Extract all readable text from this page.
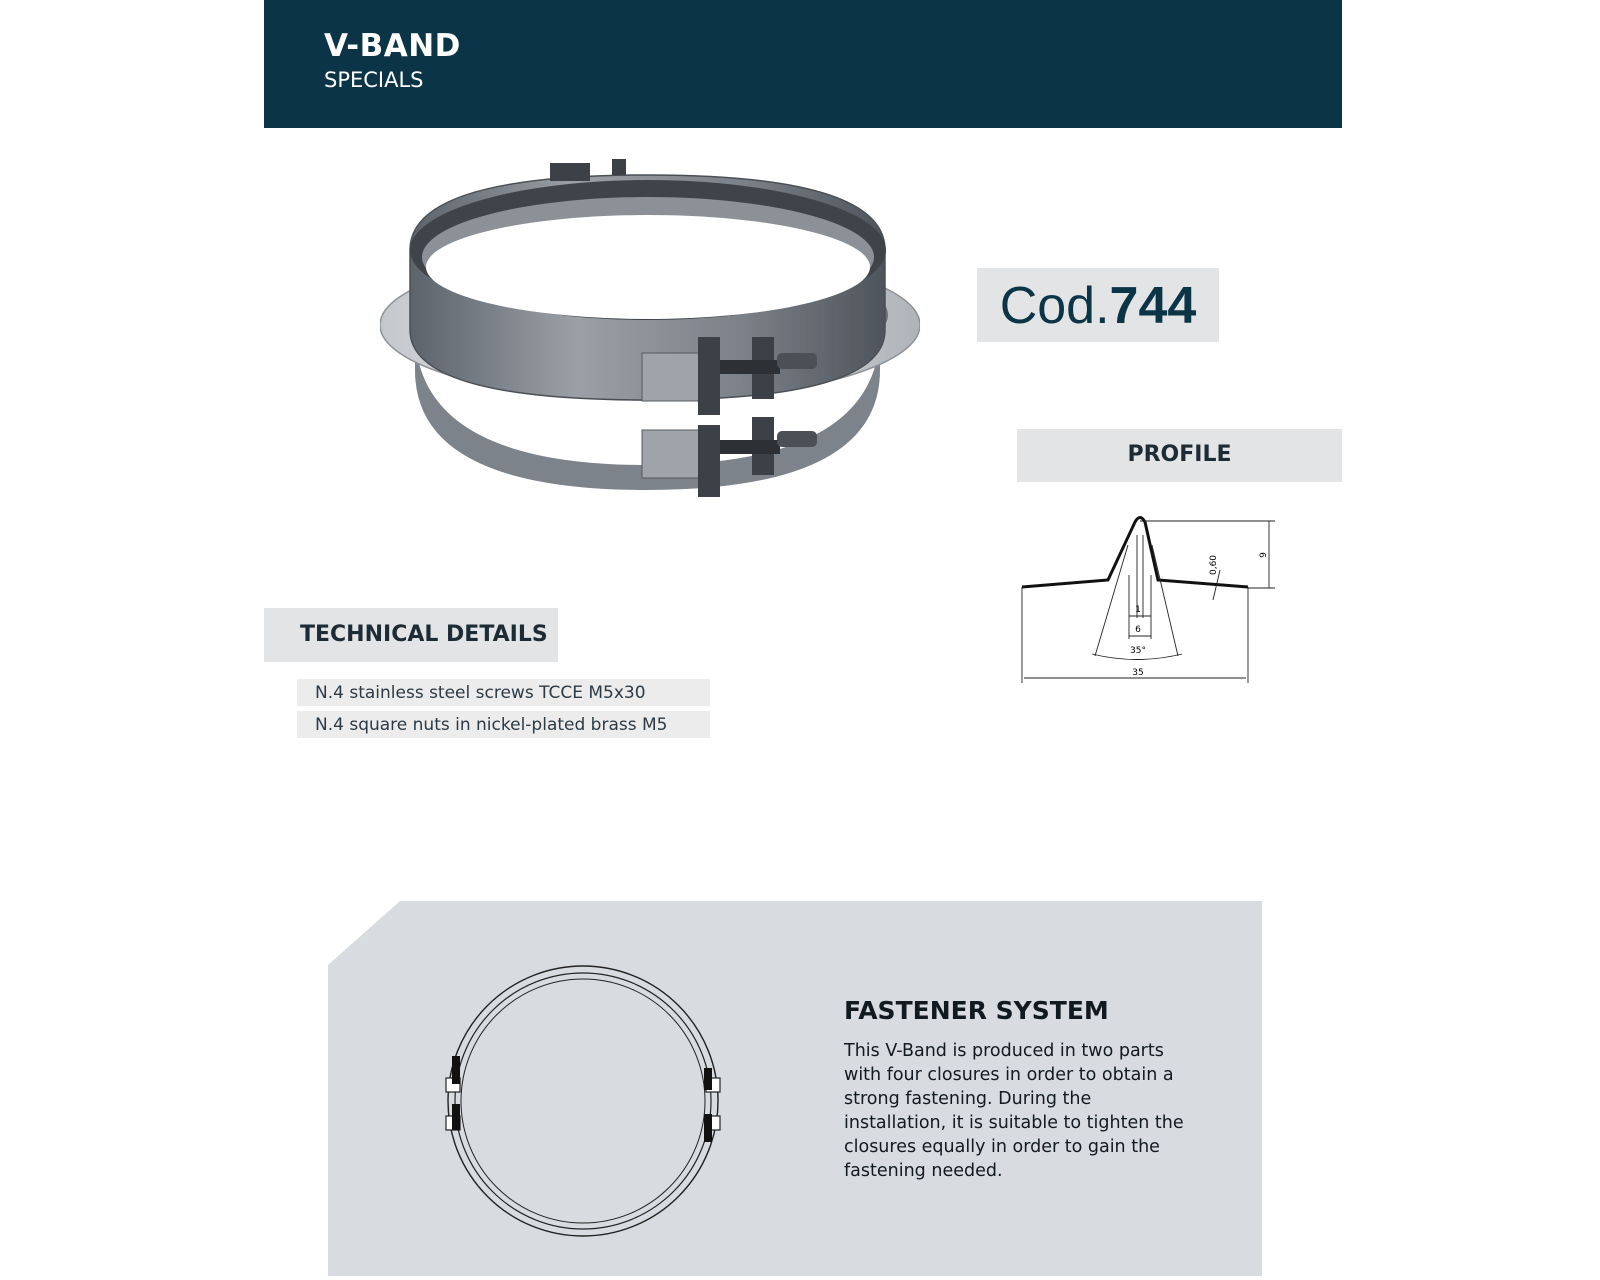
V-BAND
SPECIALS
Cod.744
PROFILE
1
6
35°
35
0,60	9
TECHNICAL DETAILS
N.4 stainless steel screws TCCE M5x30
N.4 square nuts in nickel-plated brass M5
FASTENER SYSTEM
This V-Band is produced in two parts with four closures in order to obtain a strong fastening. During the installation, it is suitable to tighten the closures equally in order to gain the fastening needed.
